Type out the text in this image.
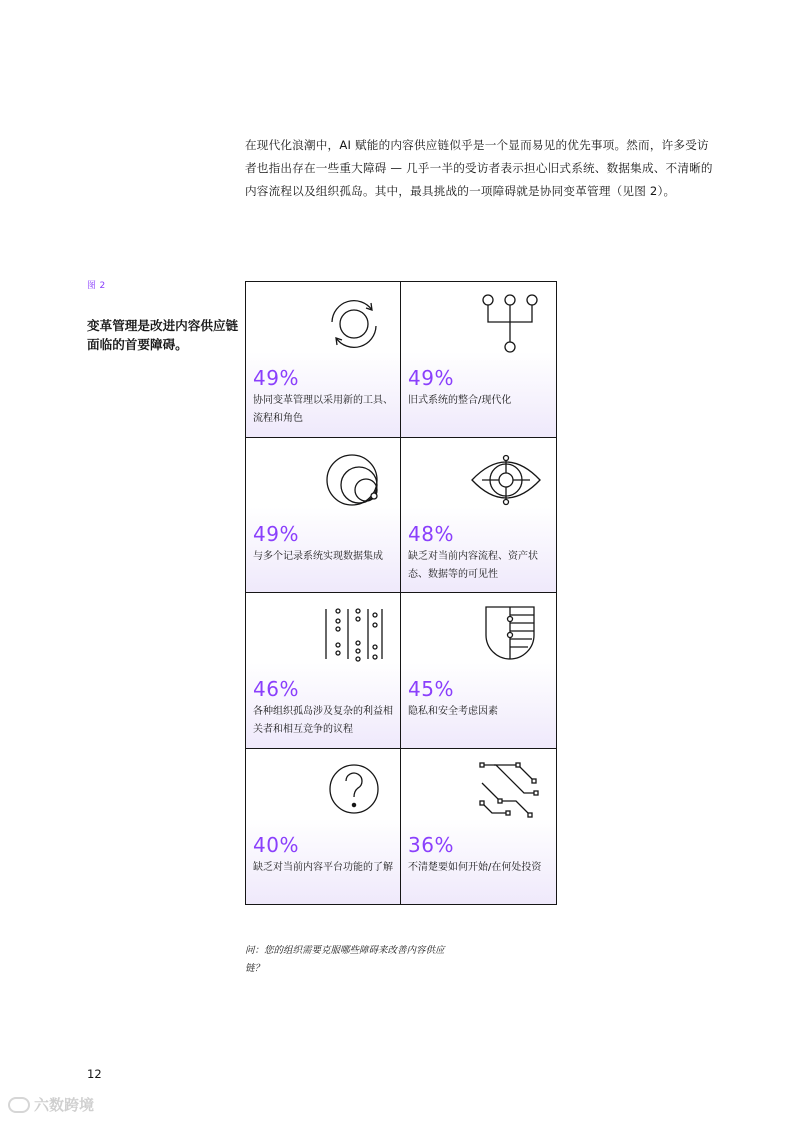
在现代化浪潮中，AI 赋能的内容供应链似乎是一个显而易见的优先事项。然而，许多受访者也指出存在一些重大障碍 — 几乎一半的受访者表示担心旧式系统、数据集成、不清晰的内容流程以及组织孤岛。其中，最具挑战的一项障碍就是协同变革管理（见图 2）。

图 2

变革管理是改进内容供应链面临的首要障碍。

49%
协同变革管理以采用新的工具、流程和角色
49%
旧式系统的整合/现代化
49%
与多个记录系统实现数据集成
48%
缺乏对当前内容流程、资产状态、数据等的可见性
46%
各种组织孤岛涉及复杂的利益相关者和相互竞争的议程
45%
隐私和安全考虑因素
40%
缺乏对当前内容平台功能的了解
36%
不清楚要如何开始/在何处投资

问：您的组织需要克服哪些障碍来改善内容供应链？

12
六数跨境
